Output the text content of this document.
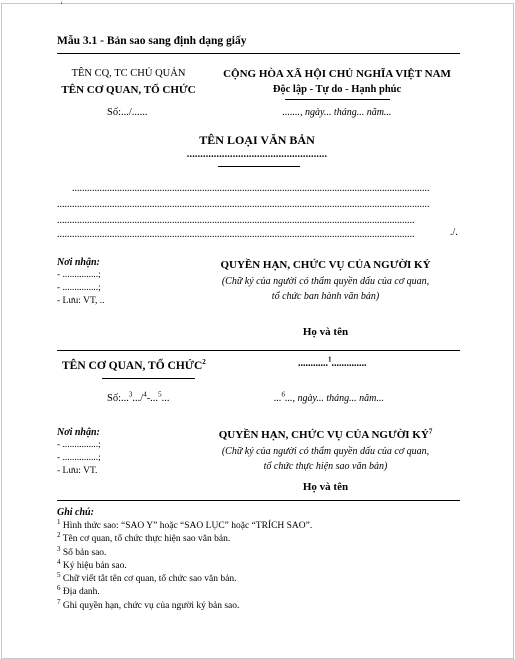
ʻ
Mẫu 3.1 - Bản sao sang định dạng giấy
TÊN CQ, TC CHỦ QUẢN
TÊN CƠ QUAN, TỔ CHỨC
Số:.../......
CỘNG HÒA XÃ HỘI CHỦ NGHĨA VIỆT NAM
Độc lập - Tự do - Hạnh phúc
......., ngày... tháng... năm...
TÊN LOẠI VĂN BẢN
....................................................
...............................................................................................................................................
.....................................................................................................................................................
...............................................................................................................................................
...............................................................................................................................................	./.
Nơi nhận:
- ...............;
- ...............;
- Lưu: VT, ..
QUYỀN HẠN, CHỨC VỤ CỦA NGƯỜI KÝ
(Chữ ký của người có thẩm quyền dấu của cơ quan,
tổ chức ban hành văn bản)
Họ và tên
TÊN CƠ QUAN, TỔ CHỨC$^2$	............$^1$..............
Số:...$^3$.../$^4$-...$^5$...	...$^6$..., ngày... tháng... năm...
Nơi nhận:
- ...............;
- ...............;
- Lưu: VT.
QUYỀN HẠN, CHỨC VỤ CỦA NGƯỜI $KÝ^7$
(Chữ ký của người có thẩm quyền dấu của cơ quan,
tổ chức thực hiện sao văn bản)
Họ và tên
Ghi chú:
$^1$ Hình thức sao: “SAO Y” hoặc “SAO LỤC” hoặc “TRÍCH SAO”.
$^2$ Tên cơ quan, tổ chức thực hiện sao văn bản.
$^3$ Số bản sao.
$^4$ Ký hiệu bản sao.
$^5$ Chữ viết tắt tên cơ quan, tổ chức sao văn bản.
$^6$ Địa danh.
$^7$ Ghi quyền hạn, chức vụ của người ký bản sao.
